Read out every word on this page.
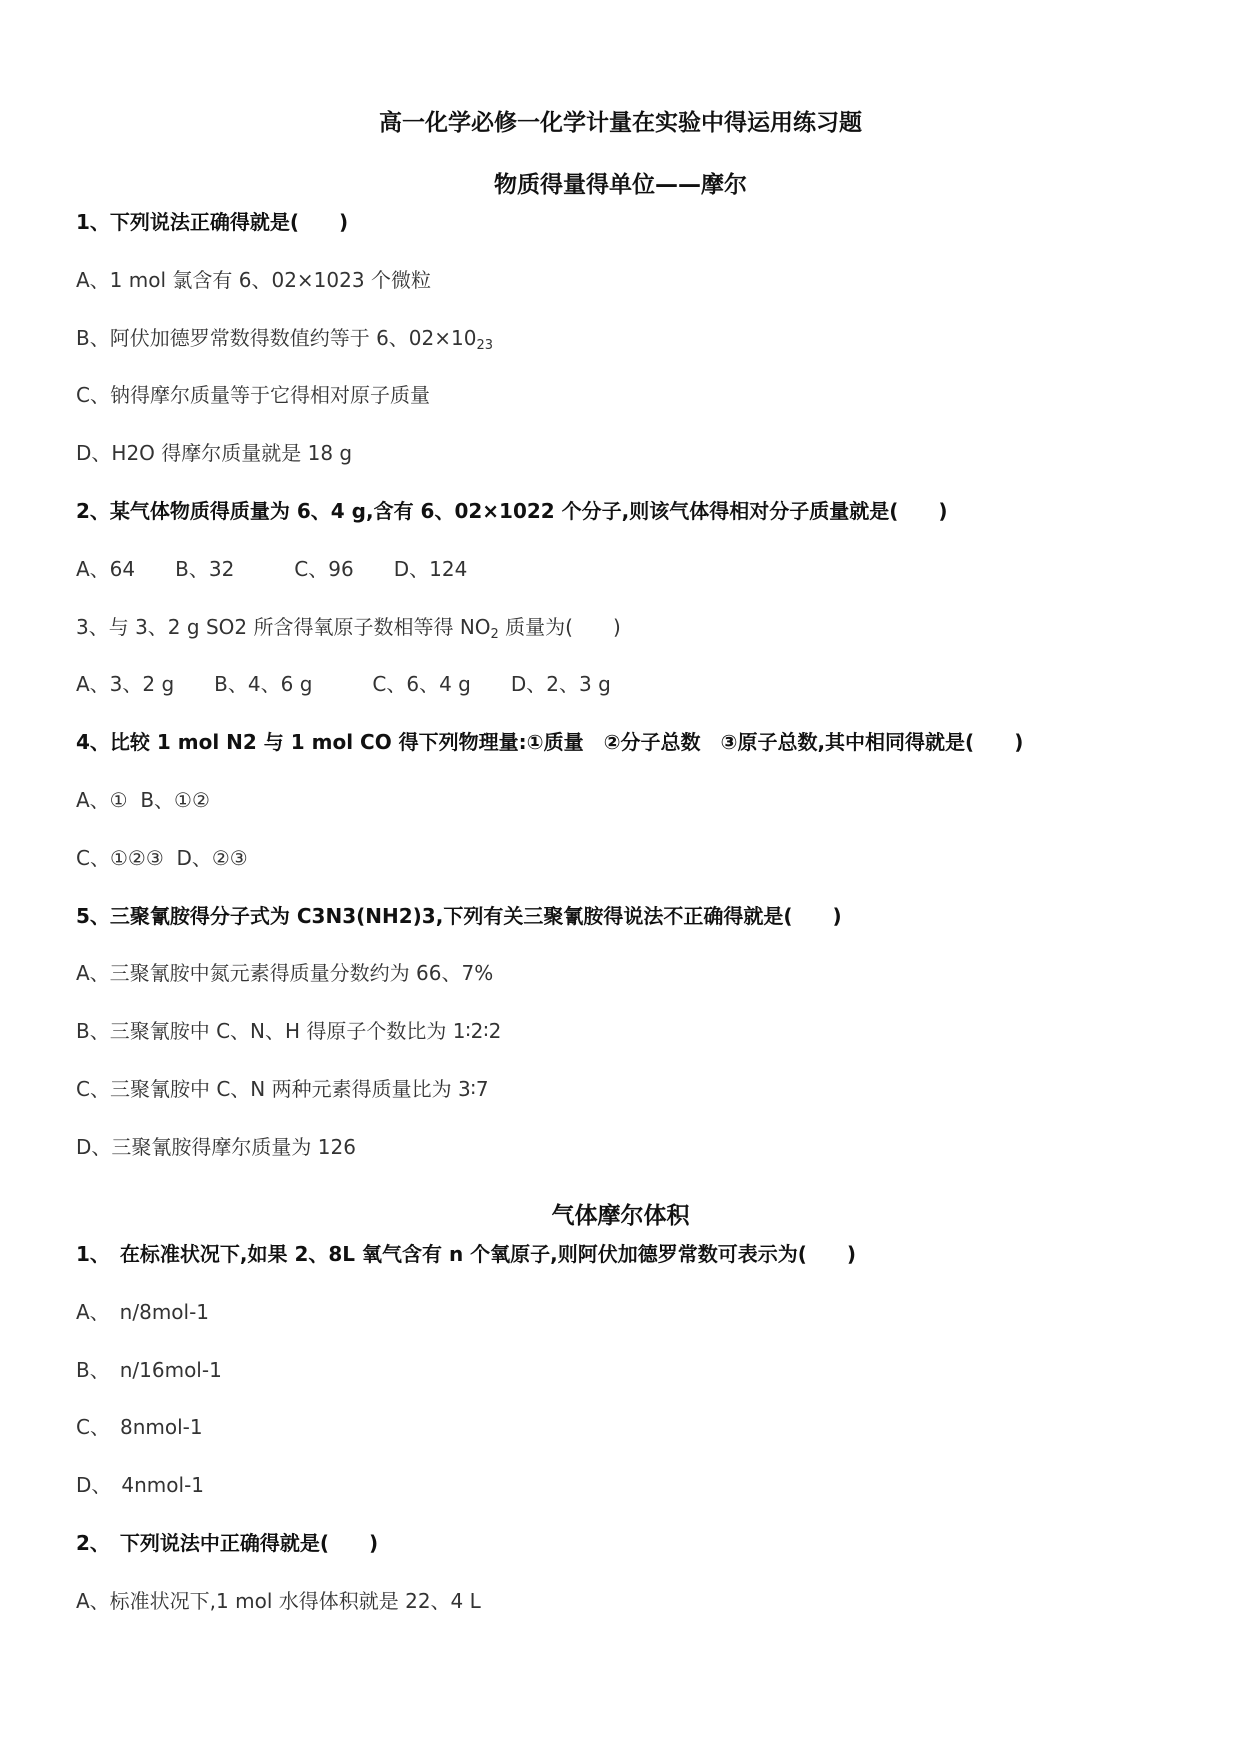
高一化学必修一化学计量在实验中得运用练习题
物质得量得单位——摩尔
1、下列说法正确得就是(　　)
A、1 mol 氯含有 6、02×1023 个微粒
B、阿伏加德罗常数得数值约等于 6、$02\times 10_{23}$
C、钠得摩尔质量等于它得相对原子质量
D、H2O 得摩尔质量就是 18 g
2、某气体物质得质量为 6、4 g,含有 6、02×1022 个分子,则该气体得相对分子质量就是(　　)
A、64　　B、32　　　C、96　　D、124
3、与 3、2 g SO2 所含得氧原子数相等得 $NO_2$ 质量为(　　)
A、3、2 g　　B、4、6 g　　　C、6、4 g　　D、2、3 g
4、比较 1 mol N2 与 1 mol CO 得下列物理量:①质量　②分子总数　③原子总数,其中相同得就是(　　)
A、①  B、①②
C、①②③  D、②③
5、三聚氰胺得分子式为 C3N3(NH2)3,下列有关三聚氰胺得说法不正确得就是(　　)
A、三聚氰胺中氮元素得质量分数约为 66、7%
B、三聚氰胺中 C、N、H 得原子个数比为 1∶2∶2
C、三聚氰胺中 C、N 两种元素得质量比为 3∶7
D、三聚氰胺得摩尔质量为 126
气体摩尔体积
1、　在标准状况下,如果 2、8L 氧气含有 n 个氧原子,则阿伏加德罗常数可表示为(　　)
A、　n/8mol-1
B、　n/16mol-1
C、　8nmol-1
D、　4nmol-1
2、　下列说法中正确得就是(　　)
A、标准状况下,1 mol 水得体积就是 22、4 L
